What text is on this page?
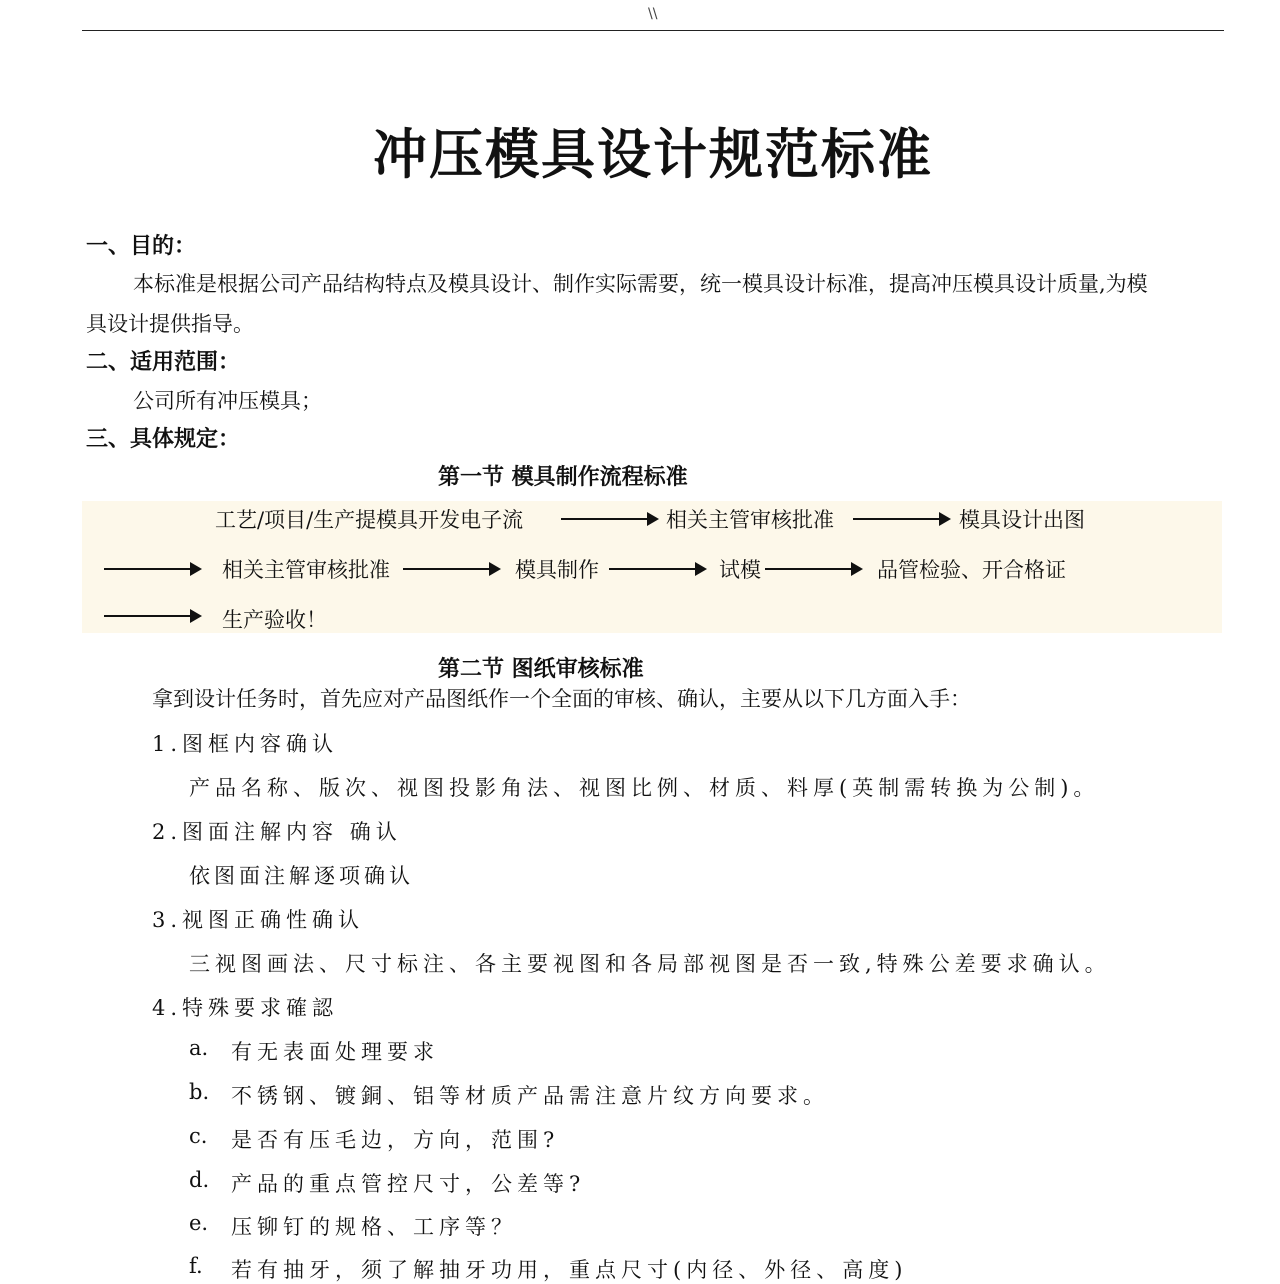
\\
冲压模具设计规范标准
一、目的：
本标准是根据公司产品结构特点及模具设计、制作实际需要，统一模具设计标准，提高冲压模具设计质量,为模
具设计提供指导。
二、适用范围：
公司所有冲压模具；
三、具体规定：
第一节 模具制作流程标准
工艺/项目/生产提模具开发电子流	相关主管审核批准	模具设计出图
相关主管审核批准	模具制作	试模	品管检验、开合格证
生产验收！
第二节 图纸审核标准
拿到设计任务时，首先应对产品图纸作一个全面的审核、确认，主要从以下几方面入手：
1.图框内容确认
产品名称、版次、视图投影角法、视图比例、材质、料厚(英制需转换为公制)。
2.图面注解内容 确认
依图面注解逐项确认
3.视图正确性确认
三视图画法、尺寸标注、各主要视图和各局部视图是否一致,特殊公差要求确认。
4.特殊要求確認
a. 有无表面处理要求
b. 不锈钢、镀銅、铝等材质产品需注意片纹方向要求。
c. 是否有压毛边，方向，范围?
d. 产品的重点管控尺寸，公差等?
e. 压铆钉的规格、工序等？
f. 若有抽牙，须了解抽牙功用，重点尺寸(内径、外径、高度)
